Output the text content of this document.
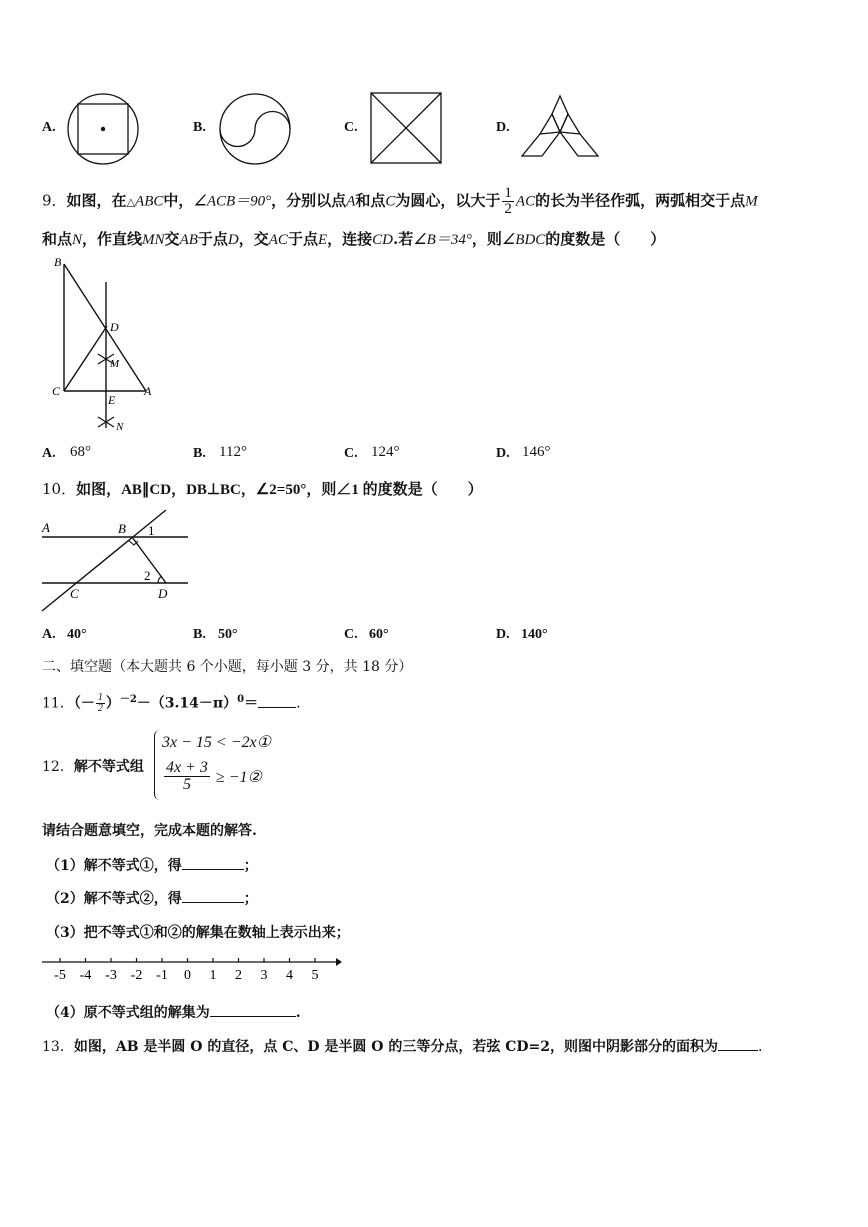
A.	B.	C.	D.
9．如图，在△ABC中，∠ACB＝90°，分别以点A和点C为圆心，以大于 $\frac{1}{2}$ AC的长为半径作弧，两弧相交于点M
和点N，作直线MN交AB于点D，交AC于点E，连接CD.若∠B＝34°，则∠BDC的度数是（　　）
B
D
M
C	A
E
N
A. 68°	B. 112°	C. 124°	D. 146°
10．如图，AB∥CD，DB⊥BC，∠2=50°，则∠1 的度数是（　　）
A	B 1
2
C	D
A. 40°	B. 50°	C. 60°	D. 140°
二、填空题（本大题共 6 个小题，每小题 3 分，共 18 分）
11．（－ $\frac{1}{2} )^{-2}-(3.14-\pi)^0=$	.
12．解不等式组
3x − 15 < −2x①
$\frac{4x + 3}{5}$ ≥ −1②
请结合题意填空，完成本题的解答.
（1）解不等式①，得	；
（2）解不等式②，得	；
（3）把不等式①和②的解集在数轴上表示出来；
-5 -4 -3 -2 -1 0 1 2 3 4 5
（4）原不等式组的解集为	.
13．如图，AB 是半圆 O 的直径，点 C、D 是半圆 O 的三等分点，若弦 CD=2，则图中阴影部分的面积为	.
